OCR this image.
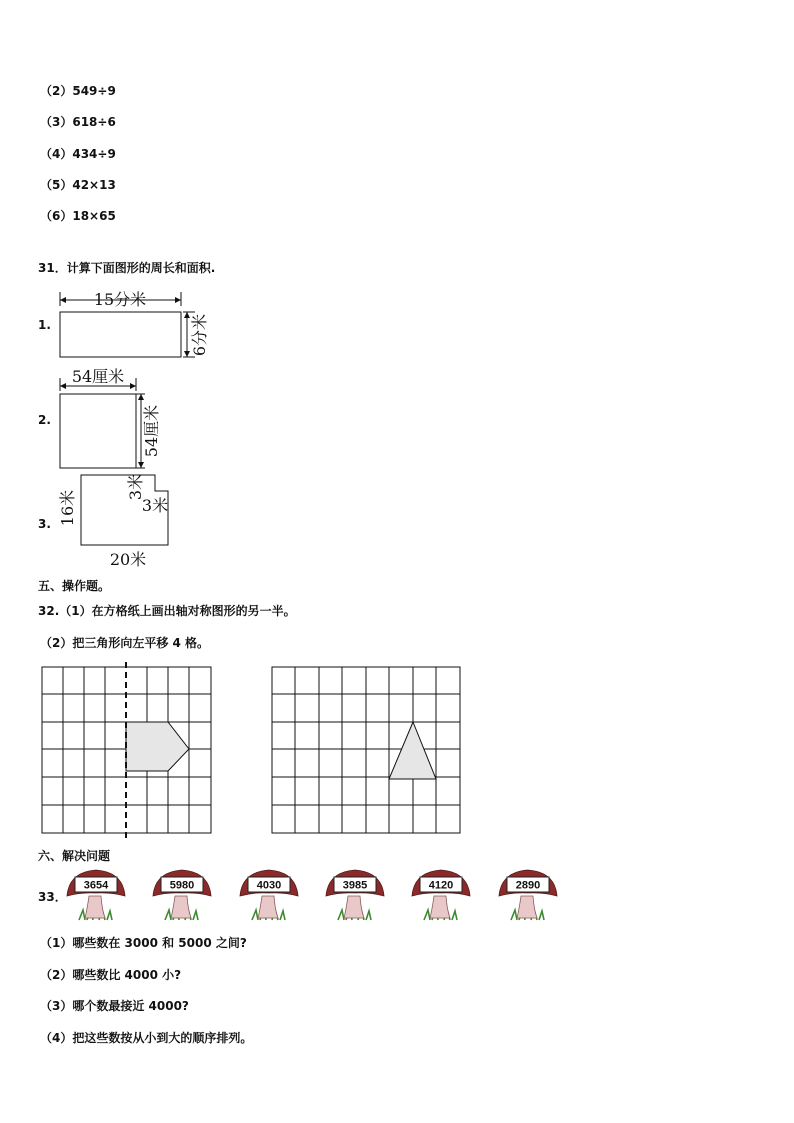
（2）549÷9
（3）618÷6
（4）434÷9
（5）42×13
（6）18×65
31．计算下面图形的周长和面积.
1.
15分米
6分米
54厘米
54厘米
16米
3米
3米
20米
2.
3.
五、操作题。
32.（1）在方格纸上画出轴对称图形的另一半。
（2）把三角形向左平移 4 格。
六、解决问题
33．
3654	5980	4030	3985	4120	2890
（1）哪些数在 3000 和 5000 之间?
（2）哪些数比 4000 小?
（3）哪个数最接近 4000?
（4）把这些数按从小到大的顺序排列。
